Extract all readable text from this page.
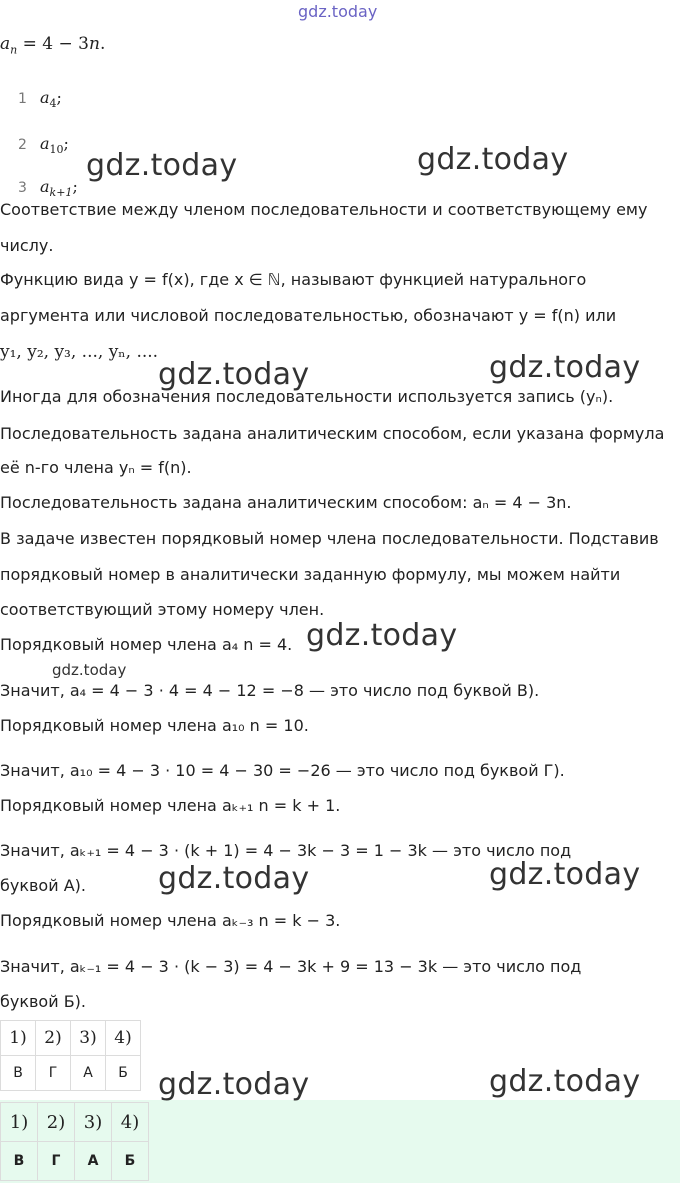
gdz.today
$a_n = 4 - 3n$.
1 $a_4$;
2 $a_{10}$;
3 $a_{k+1}$;
Соответствие между членом последовательности и соответствующему ему
числу.
Функцию вида y = f(x), где x ∈ ℕ, называют функцией натурального
аргумента или числовой последовательностью, обозначают y = f(n) или
y₁, y₂, y₃, ..., yₙ, ....
Иногда для обозначения последовательности используется запись (yₙ).
Последовательность задана аналитическим способом, если указана формула
её n-го члена yₙ = f(n).
Последовательность задана аналитическим способом: aₙ = 4 − 3n.
В задаче известен порядковый номер члена последовательности. Подставив
порядковый номер в аналитически заданную формулу, мы можем найти
соответствующий этому номеру член.
Порядковый номер члена a₄ n = 4.
Значит, a₄ = 4 − 3 · 4 = 4 − 12 = −8 — это число под буквой В).
Порядковый номер члена a₁₀ n = 10.
Значит, a₁₀ = 4 − 3 · 10 = 4 − 30 = −26 — это число под буквой Г).
Порядковый номер члена aₖ₊₁ n = k + 1.
Значит, aₖ₊₁ = 4 − 3 · (k + 1) = 4 − 3k − 3 = 1 − 3k — это число под
буквой А).
Порядковый номер члена aₖ₋₃ n = k − 3.
Значит, aₖ₋₁ = 4 − 3 · (k − 3) = 4 − 3k + 9 = 13 − 3k — это число под
буквой Б).
1)	2)	3)	4)
В	Г	А	Б
1)	2)	3)	4)
В	Г	А	Б
gdz.today	gdz.today
gdz.today	gdz.today
gdz.today
gdz.today
gdz.today	gdz.today
gdz.today	gdz.today
